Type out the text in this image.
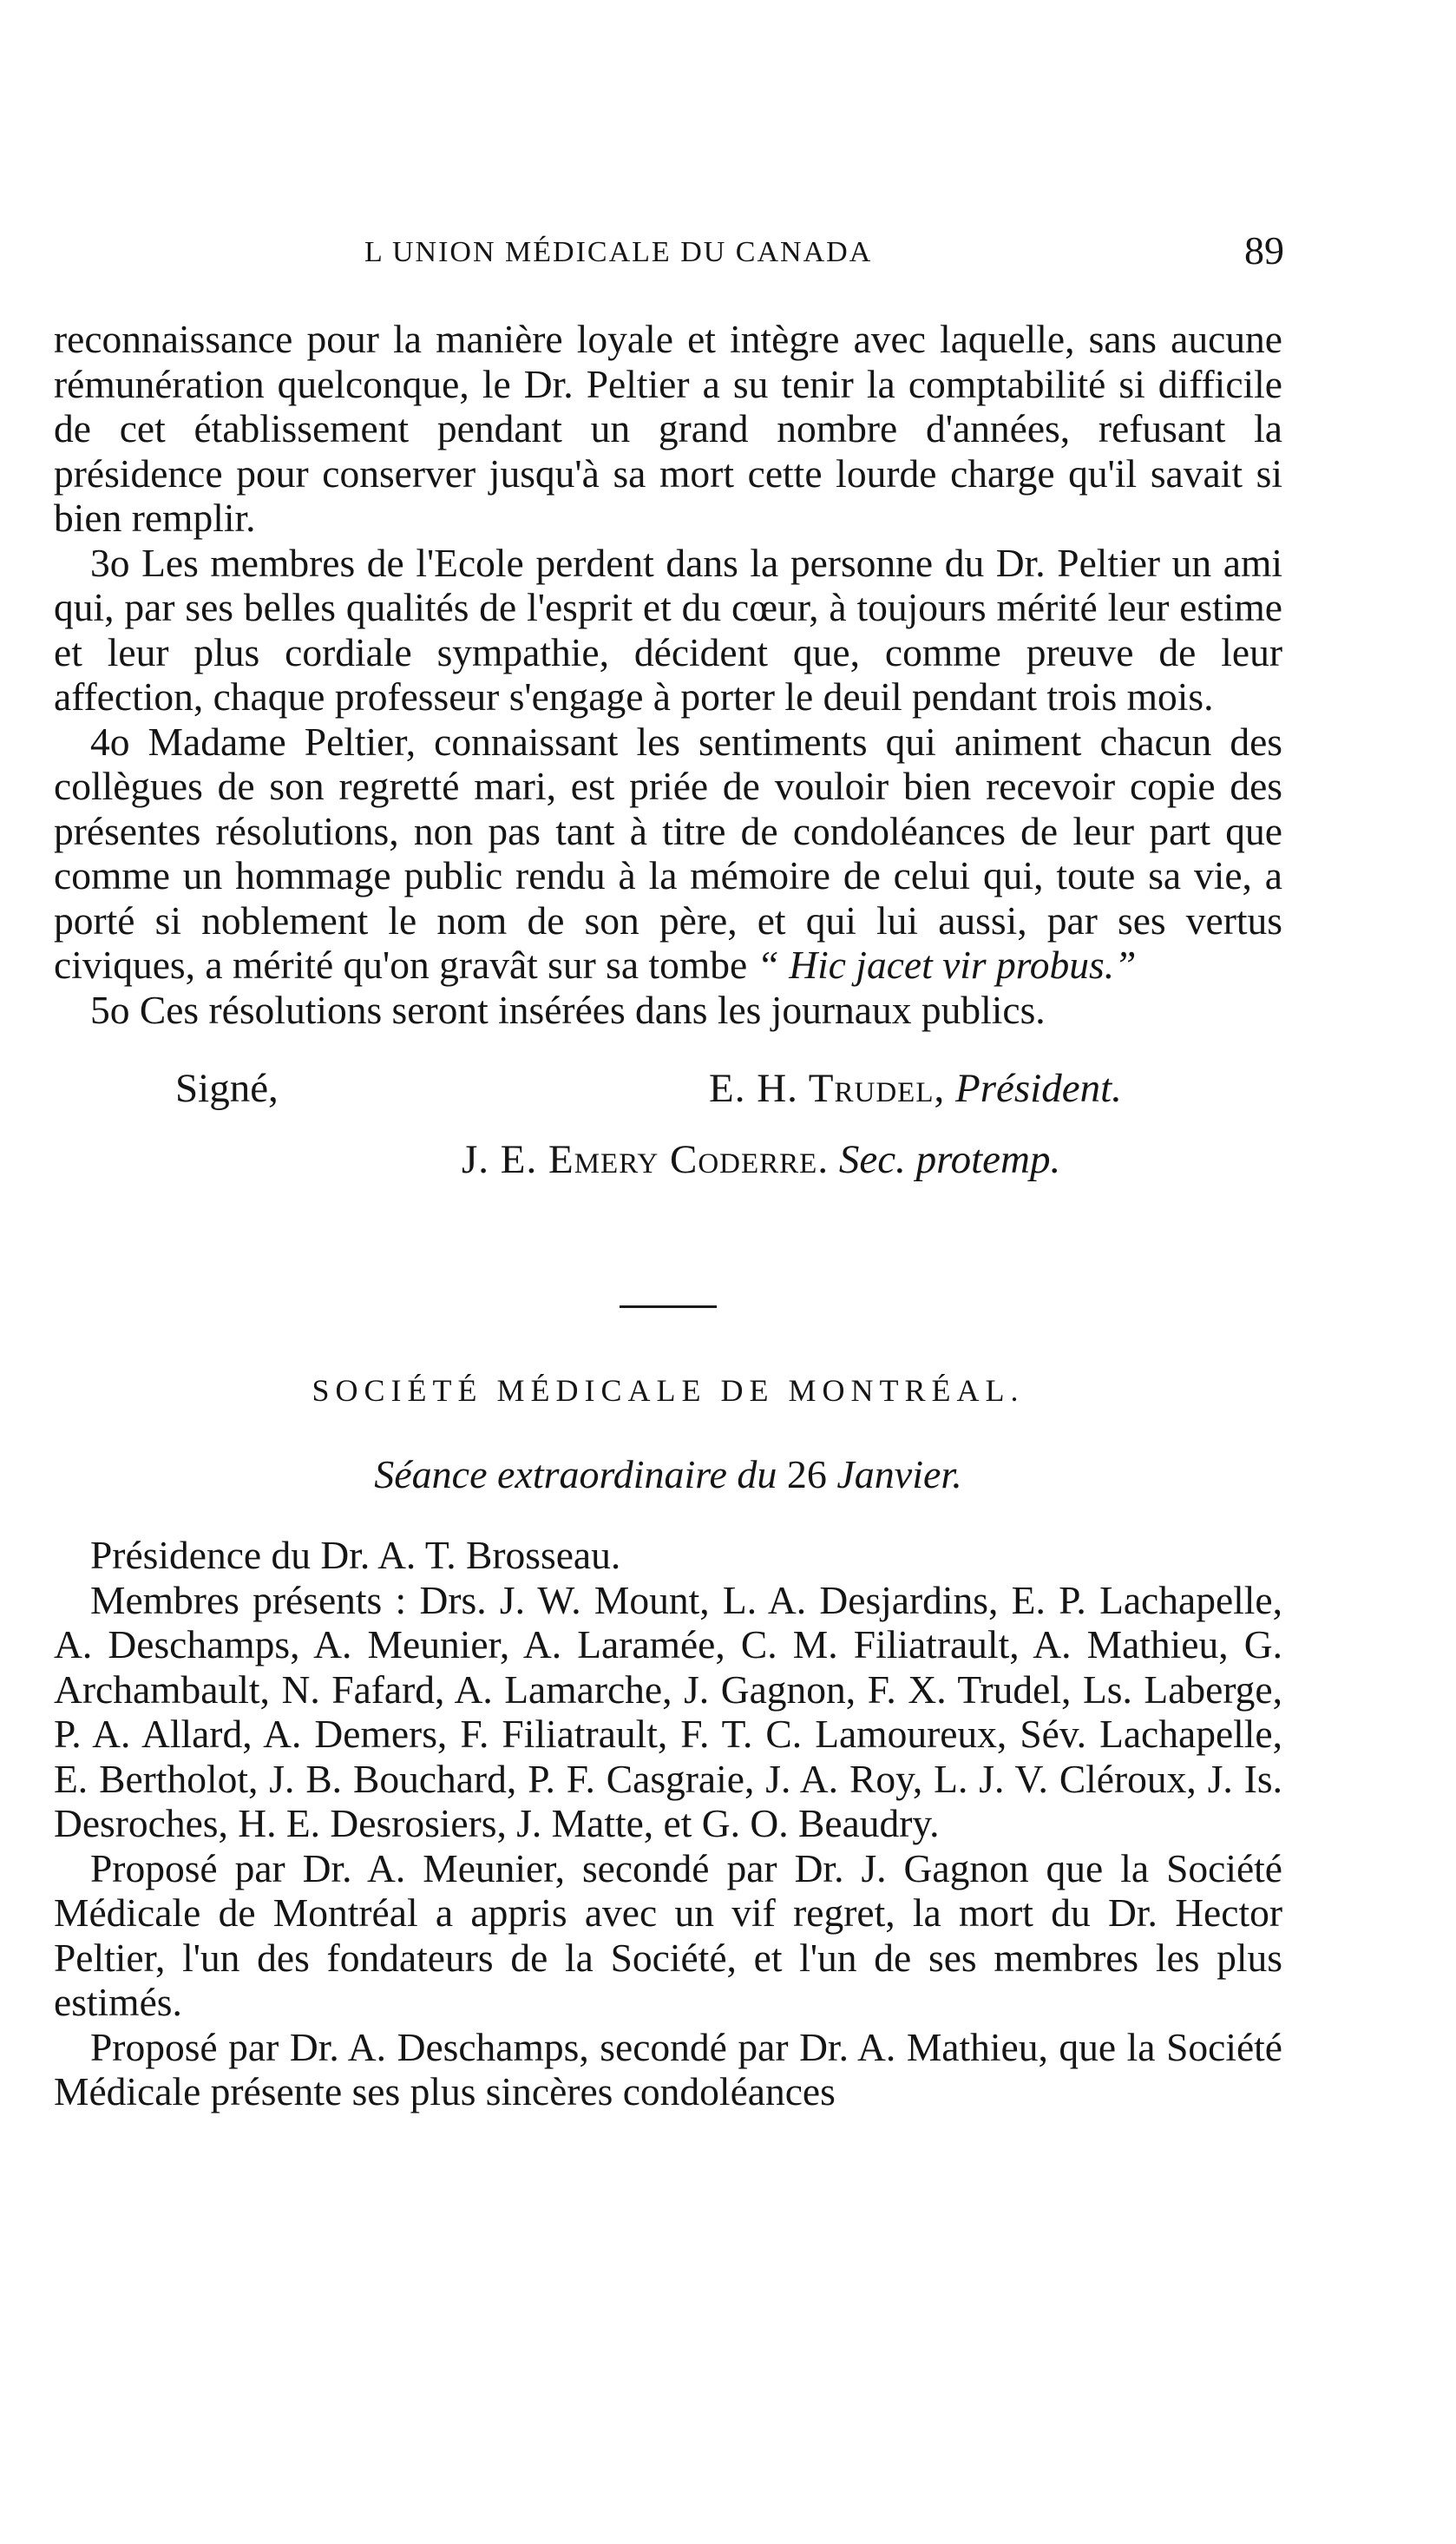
L UNION MÉDICALE DU CANADA	89

reconnaissance pour la manière loyale et intègre avec laquelle, sans aucune rémunération quelconque, le Dr. Peltier a su tenir la comptabilité si difficile de cet établissement pendant un grand nombre d'années, refusant la présidence pour conserver jusqu'à sa mort cette lourde charge qu'il savait si bien remplir.

3o Les membres de l'Ecole perdent dans la personne du Dr. Peltier un ami qui, par ses belles qualités de l'esprit et du cœur, à toujours mérité leur estime et leur plus cordiale sympathie, décident que, comme preuve de leur affection, chaque professeur s'engage à porter le deuil pendant trois mois.

4o Madame Peltier, connaissant les sentiments qui animent chacun des collègues de son regretté mari, est priée de vouloir bien recevoir copie des présentes résolutions, non pas tant à titre de condoléances de leur part que comme un hommage public rendu à la mémoire de celui qui, toute sa vie, a porté si noblement le nom de son père, et qui lui aussi, par ses vertus civiques, a mérité qu'on gravât sur sa tombe “ Hic jacet vir probus.”

5o Ces résolutions seront insérées dans les journaux publics.

Signé,	E. H. Trudel, Président.
J. E. Emery Coderre. Sec. protemp.
SOCIÉTÉ MÉDICALE DE MONTRÉAL.
Séance extraordinaire du 26 Janvier.

Présidence du Dr. A. T. Brosseau.

Membres présents : Drs. J. W. Mount, L. A. Desjardins, E. P. Lachapelle, A. Deschamps, A. Meunier, A. Laramée, C. M. Filiatrault, A. Mathieu, G. Archambault, N. Fafard, A. Lamarche, J. Gagnon, F. X. Trudel, Ls. Laberge, P. A. Allard, A. Demers, F. Filiatrault, F. T. C. Lamoureux, Sév. Lachapelle, E. Bertholot, J. B. Bouchard, P. F. Casgraie, J. A. Roy, L. J. V. Cléroux, J. Is. Desroches, H. E. Desrosiers, J. Matte, et G. O. Beaudry.

Proposé par Dr. A. Meunier, secondé par Dr. J. Gagnon que la Société Médicale de Montréal a appris avec un vif regret, la mort du Dr. Hector Peltier, l'un des fondateurs de la Société, et l'un de ses membres les plus estimés.

Proposé par Dr. A. Deschamps, secondé par Dr. A. Mathieu, que la Société Médicale présente ses plus sincères condoléances
